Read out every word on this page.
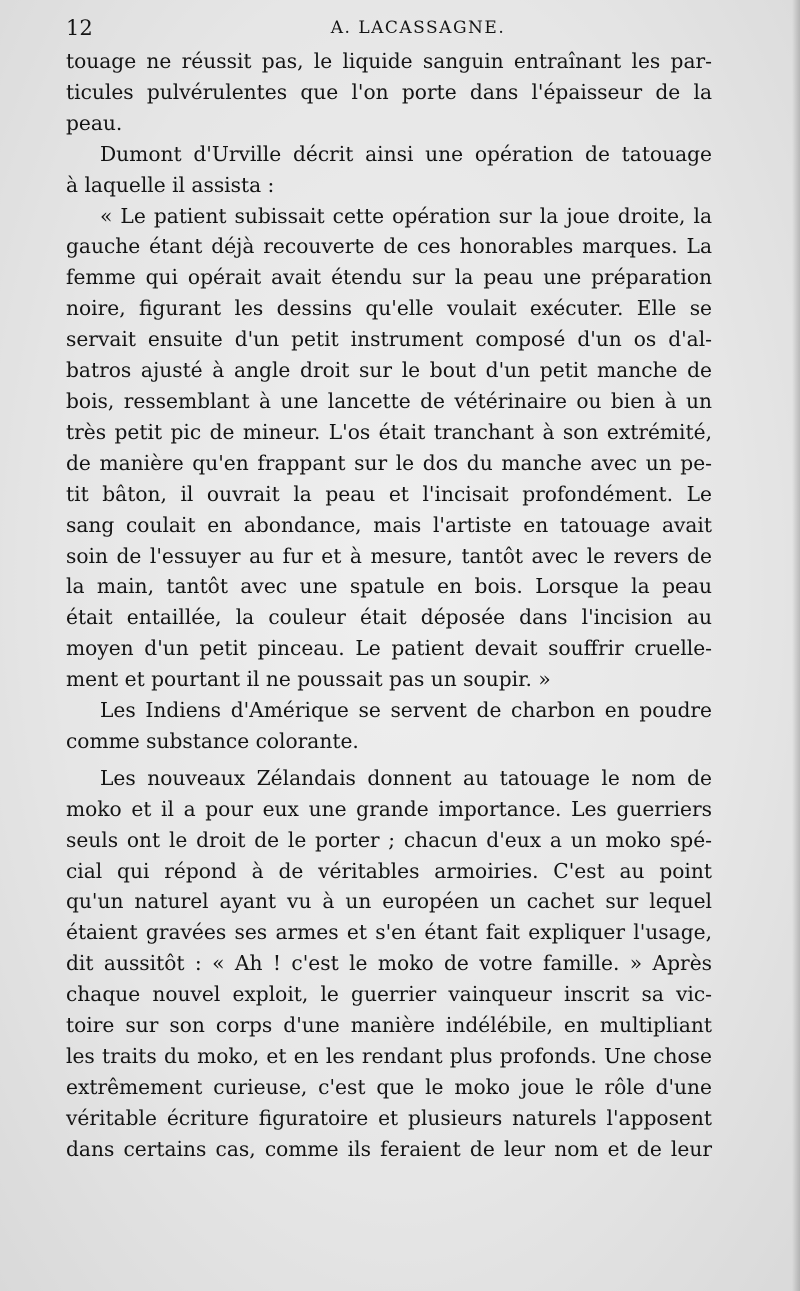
12	A. LACASSAGNE.

touage ne réussit pas, le liquide sanguin entraînant les par-
ticules pulvérulentes que l'on porte dans l'épaisseur de la
peau.

Dumont d'Urville décrit ainsi une opération de tatouage
à laquelle il assista :

« Le patient subissait cette opération sur la joue droite, la
gauche étant déjà recouverte de ces honorables marques. La
femme qui opérait avait étendu sur la peau une préparation
noire, figurant les dessins qu'elle voulait exécuter. Elle se
servait ensuite d'un petit instrument composé d'un os d'al-
batros ajusté à angle droit sur le bout d'un petit manche de
bois, ressemblant à une lancette de vétérinaire ou bien à un
très petit pic de mineur. L'os était tranchant à son extrémité,
de manière qu'en frappant sur le dos du manche avec un pe-
tit bâton, il ouvrait la peau et l'incisait profondément. Le
sang coulait en abondance, mais l'artiste en tatouage avait
soin de l'essuyer au fur et à mesure, tantôt avec le revers de
la main, tantôt avec une spatule en bois. Lorsque la peau
était entaillée, la couleur était déposée dans l'incision au
moyen d'un petit pinceau. Le patient devait souffrir cruelle-
ment et pourtant il ne poussait pas un soupir. »

Les Indiens d'Amérique se servent de charbon en poudre
comme substance colorante.

Les nouveaux Zélandais donnent au tatouage le nom de
moko et il a pour eux une grande importance. Les guerriers
seuls ont le droit de le porter ; chacun d'eux a un moko spé-
cial qui répond à de véritables armoiries. C'est au point
qu'un naturel ayant vu à un européen un cachet sur lequel
étaient gravées ses armes et s'en étant fait expliquer l'usage,
dit aussitôt : « Ah ! c'est le moko de votre famille. » Après
chaque nouvel exploit, le guerrier vainqueur inscrit sa vic-
toire sur son corps d'une manière indélébile, en multipliant
les traits du moko, et en les rendant plus profonds. Une chose
extrêmement curieuse, c'est que le moko joue le rôle d'une
véritable écriture figuratoire et plusieurs naturels l'apposent
dans certains cas, comme ils feraient de leur nom et de leur
